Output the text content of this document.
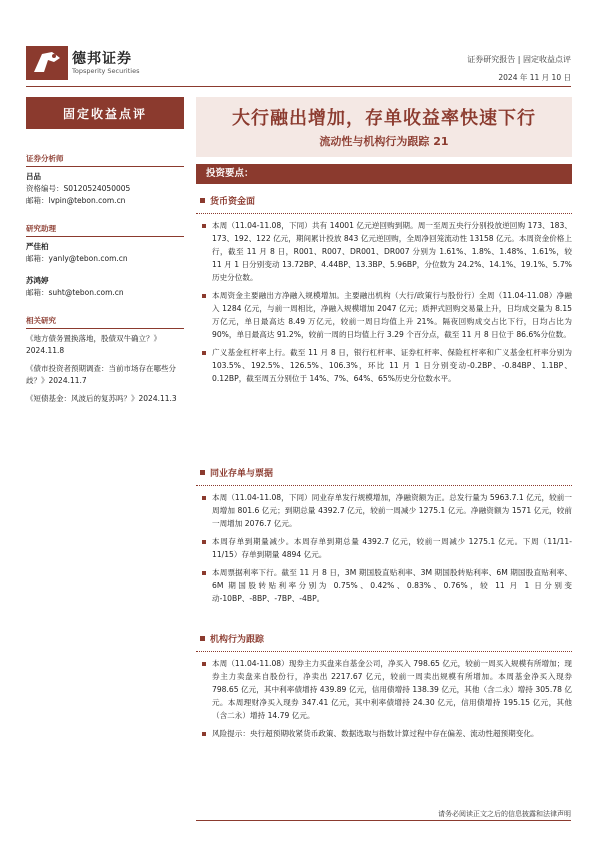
德邦证券
Topsperity Securities
证券研究报告 | 固定收益点评
2024 年 11 月 10 日
固定收益点评	大行融出增加，存单收益率快速下行
流动性与机构行为跟踪 21
证券分析师
吕品
资格编号：S0120524050005
邮箱：lvpin@tebon.com.cn
研究助理
严佳柏
邮箱：yanly@tebon.com.cn
苏鸿婷
邮箱：suht@tebon.com.cn
相关研究
《地方债务置换落地，股债双牛确立？》2024.11.8
《债市投资者预期调查：当前市场存在哪些分歧？》2024.11.7
《短债基金：风波后的复苏吗？》2024.11.3
投资要点：
货币资金面
本周（11.04-11.08，下同）共有 14001 亿元逆回购到期。周一至周五央行分别投放逆回购 173、183、173、192、122 亿元，期间累计投放 843 亿元逆回购，全周净回笼流动性 13158 亿元。本周资金价格上行，截至 11 月 8 日，R001、R007、DR001、DR007 分别为 1.61%、1.8%、1.48%、1.61%，较 11 月 1 日分别变动 13.72BP、4.44BP、13.3BP、5.96BP，分位数为 24.2%、14.1%、19.1%、5.7%历史分位数。
本周资金主要融出方净融入规模增加。主要融出机构（大行/政策行与股份行）全周（11.04-11.08）净融入 1284 亿元，与前一周相比，净融入规模增加 2047 亿元；质押式回购交易量上升，日均成交量为 8.15 万亿元，单日最高达 8.49 万亿元，较前一周日均值上升 21%。隔夜回购成交占比下行，日均占比为 90%，单日最高达 91.2%，较前一周的日均值上行 3.29 个百分点，截至 11 月 8 日位于 86.6%分位数。
广义基金杠杆率上行。截至 11 月 8 日，银行杠杆率、证券杠杆率、保险杠杆率和广义基金杠杆率分别为 103.5%、192.5%、126.5%、106.3%，环比 11 月 1 日分别变动-0.2BP、-0.84BP、1.1BP、0.12BP，截至周五分别位于 14%、7%、64%、65%历史分位数水平。
同业存单与票据
本周（11.04-11.08，下同）同业存单发行规模增加，净融资额为正。总发行量为 5963.7.1 亿元，较前一周增加 801.6 亿元；到期总量 4392.7 亿元，较前一周减少 1275.1 亿元。净融资额为 1571 亿元，较前一周增加 2076.7 亿元。
本周存单到期量减少。本周存单到期总量 4392.7 亿元，较前一周减少 1275.1 亿元。下周（11/11-11/15）存单到期量 4894 亿元。
本周票据利率下行。截至 11 月 8 日，3M 期国股直贴利率、3M 期国股转贴利率、6M 期国股直贴利率、6M 期国股转贴利率分别为 0.75%、0.42%、0.83%、0.76%，较 11 月 1 日分别变动-10BP、-8BP、-7BP、-4BP。
机构行为跟踪
本周（11.04-11.08）现券主力买盘来自基金公司，净买入 798.65 亿元，较前一周买入规模有所增加；现券主力卖盘来自股份行，净卖出 2217.67 亿元，较前一周卖出规模有所增加。本周基金净买入现券 798.65 亿元，其中利率债增持 439.89 亿元，信用债增持 138.39 亿元，其他（含二永）增持 305.78 亿元。本周理财净买入现券 347.41 亿元，其中利率债增持 24.30 亿元，信用债增持 195.15 亿元，其他（含二永）增持 14.79 亿元。
风险提示：央行超预期收紧货币政策、数据选取与指数计算过程中存在偏差、流动性超预期变化。
请务必阅读正文之后的信息披露和法律声明
